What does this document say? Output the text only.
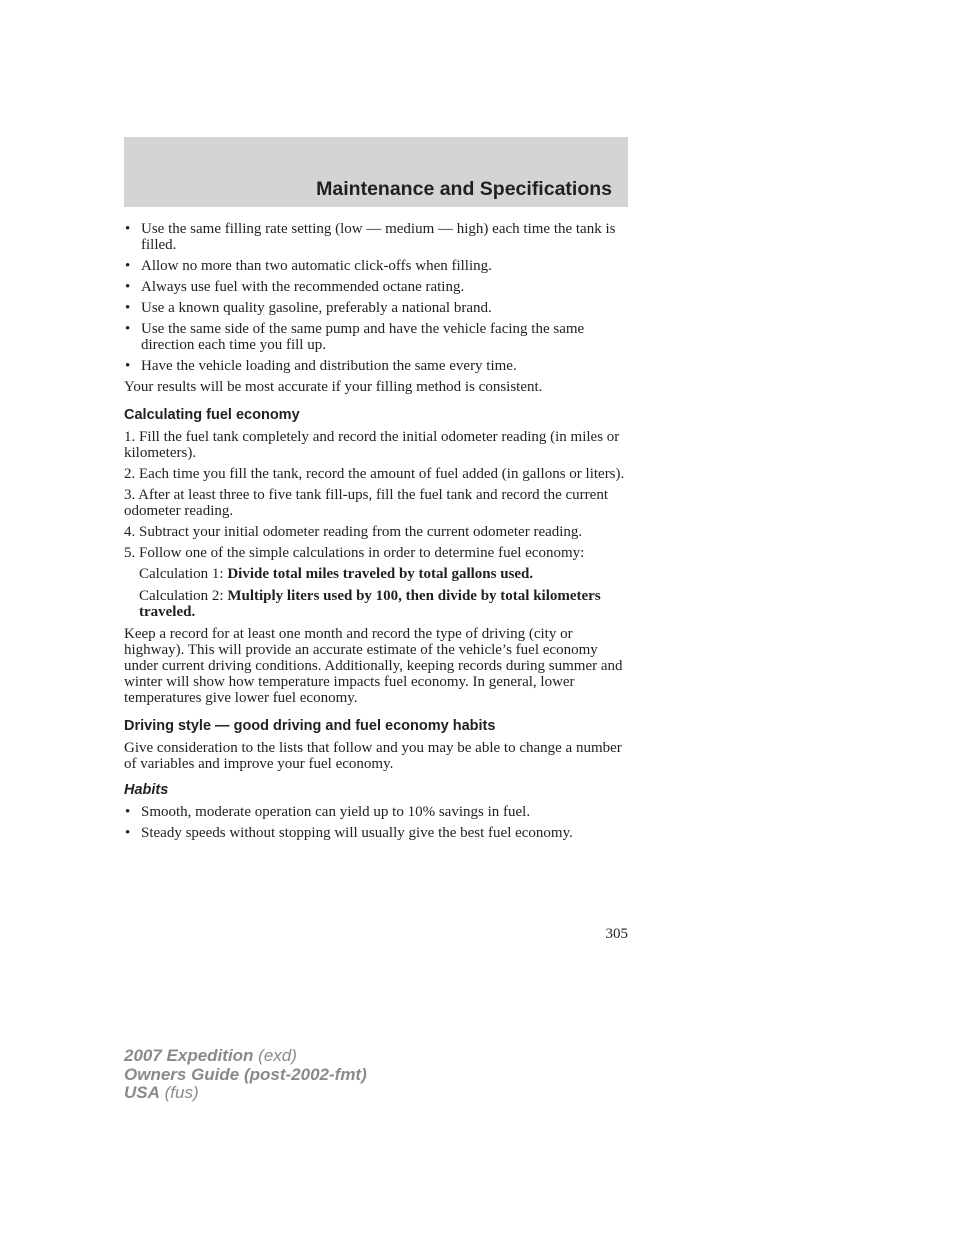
Maintenance and Specifications
• Use the same filling rate setting (low — medium — high) each time the tank is filled.
• Allow no more than two automatic click-offs when filling.
• Always use fuel with the recommended octane rating.
• Use a known quality gasoline, preferably a national brand.
• Use the same side of the same pump and have the vehicle facing the same direction each time you fill up.
• Have the vehicle loading and distribution the same every time.

Your results will be most accurate if your filling method is consistent.

Calculating fuel economy

1. Fill the fuel tank completely and record the initial odometer reading (in miles or kilometers).

2. Each time you fill the tank, record the amount of fuel added (in gallons or liters).

3. After at least three to five tank fill-ups, fill the fuel tank and record the current odometer reading.

4. Subtract your initial odometer reading from the current odometer reading.

5. Follow one of the simple calculations in order to determine fuel economy:

Calculation 1: Divide total miles traveled by total gallons used.
Calculation 2: Multiply liters used by 100, then divide by total kilometers traveled.

Keep a record for at least one month and record the type of driving (city or highway). This will provide an accurate estimate of the vehicle’s fuel economy under current driving conditions. Additionally, keeping records during summer and winter will show how temperature impacts fuel economy. In general, lower temperatures give lower fuel economy.

Driving style — good driving and fuel economy habits

Give consideration to the lists that follow and you may be able to change a number of variables and improve your fuel economy.

Habits
• Smooth, moderate operation can yield up to 10% savings in fuel.
• Steady speeds without stopping will usually give the best fuel economy.
305
2007 Expedition (exd)
Owners Guide (post-2002-fmt)
USA (fus)
